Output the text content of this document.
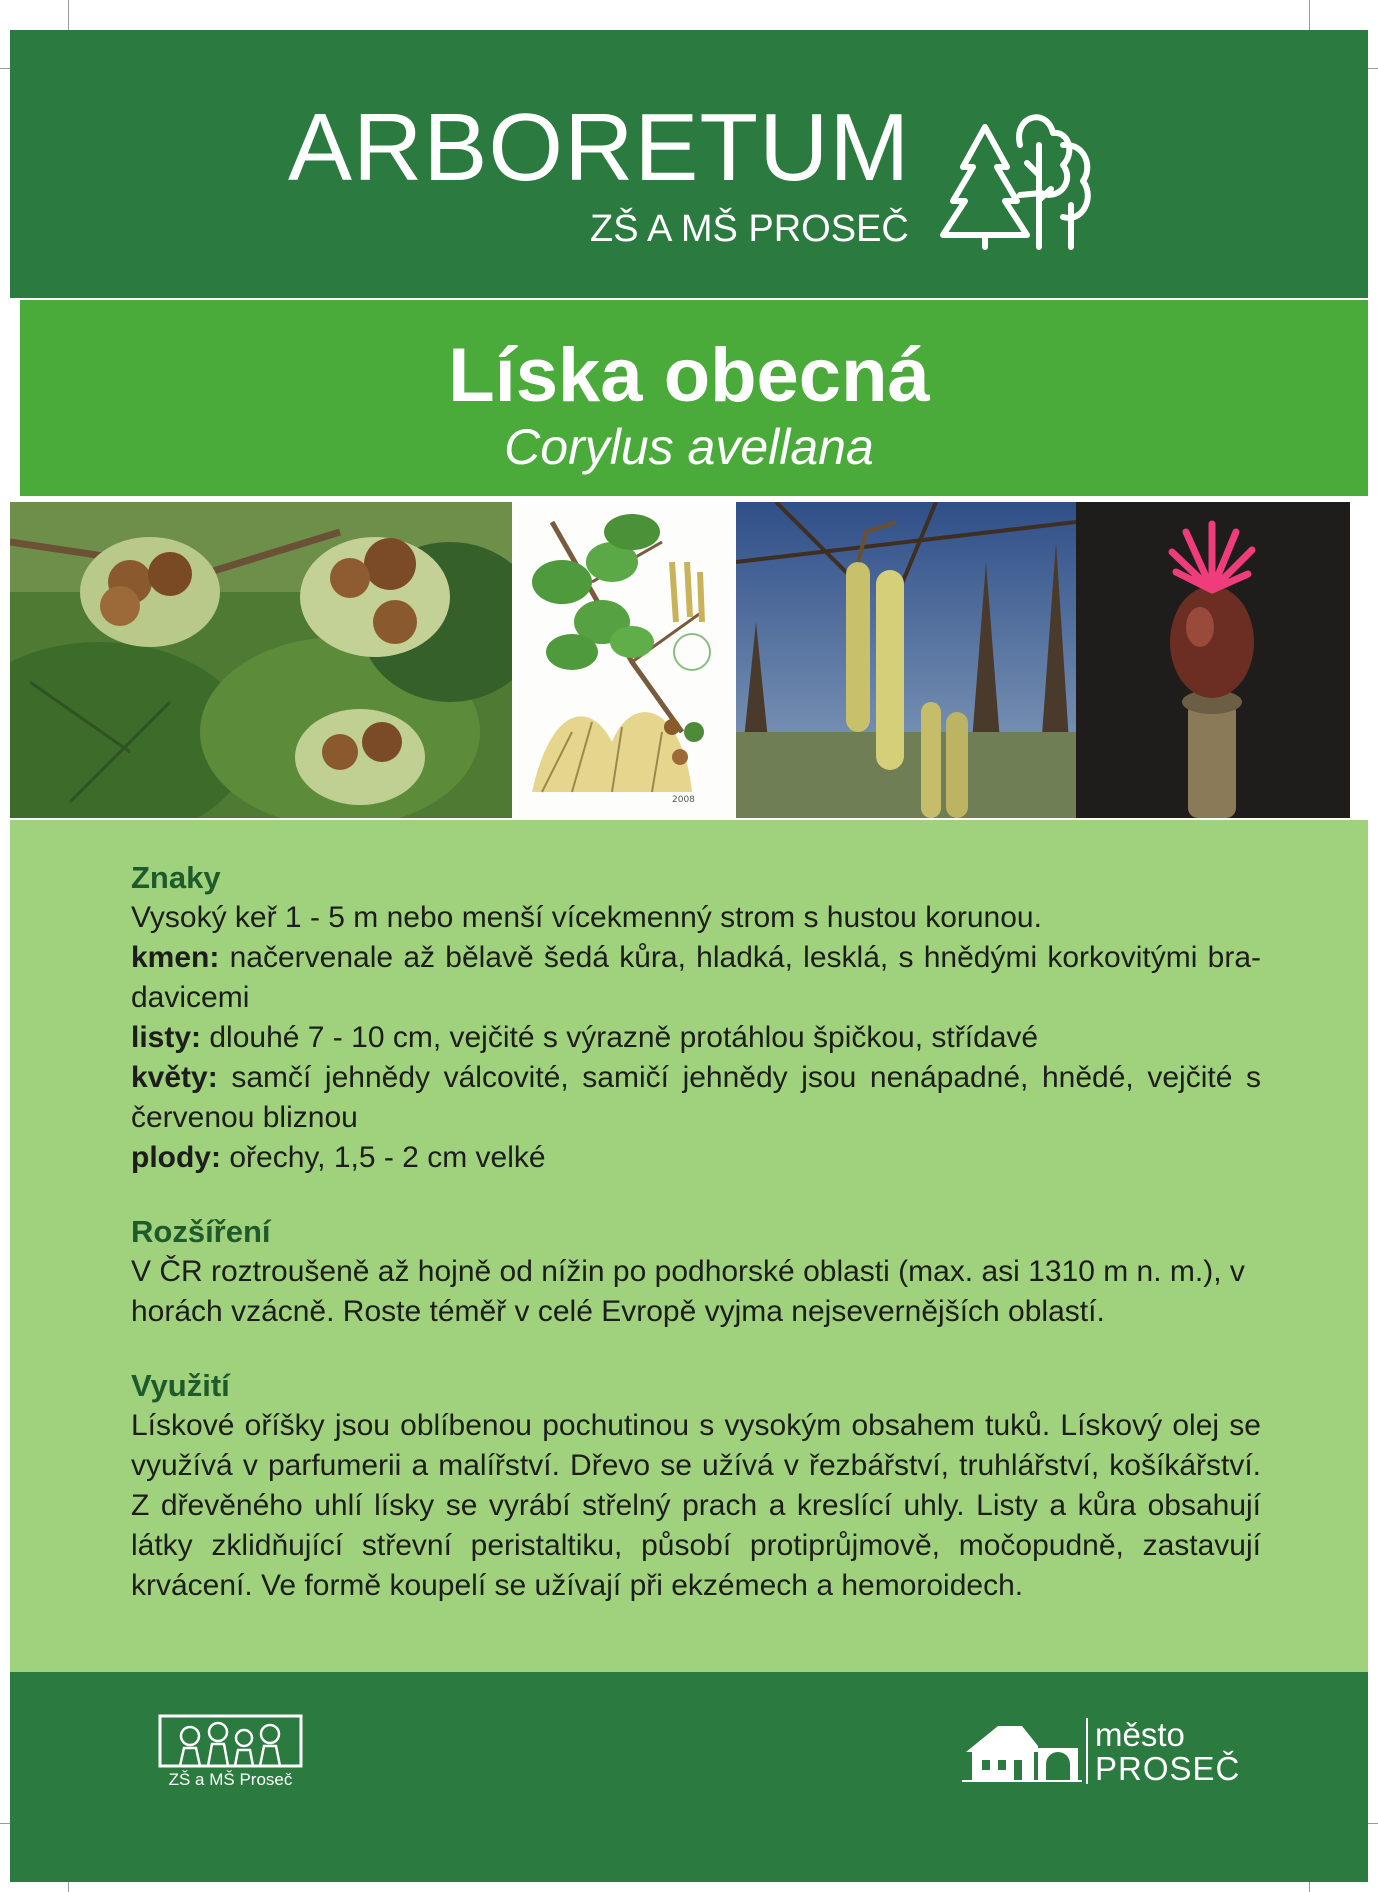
ARBORETUM
ZŠ A MŠ PROSEČ
Líska obecná
Corylus avellana
2008
Znaky

Vysoký keř 1 - 5 m nebo menší vícekmenný strom s hustou korunou.

kmen: načervenale až bělavě šedá kůra, hladká, lesklá, s hnědými korkovitými bra-davicemi

listy: dlouhé 7 - 10 cm, vejčité s výrazně protáhlou špičkou, střídavé

květy: samčí jehnědy válcovité, samičí jehnědy jsou nenápadné, hnědé, vejčité s červenou bliznou

plody: ořechy, 1,5 - 2 cm velké

Rozšíření

V ČR roztroušeně až hojně od nížin po podhorské oblasti (max. asi 1310 m n. m.), v horách vzácně. Roste téměř v celé Evropě vyjma nejsevernějších oblastí.

Využití

Lískové oříšky jsou oblíbenou pochutinou s vysokým obsahem tuků. Lískový olej se využívá v parfumerii a malířství. Dřevo se užívá v řezbářství, truhlářství, košíkářství. Z dřevěného uhlí lísky se vyrábí střelný prach a kreslící uhly. Listy a kůra obsahují látky zklidňující střevní peristaltiku, působí protiprůjmově, močopudně, zastavují krvácení. Ve formě koupelí se užívají při ekzémech a hemoroidech.

ZŠ a MŠ Proseč
město
PROSEČ
